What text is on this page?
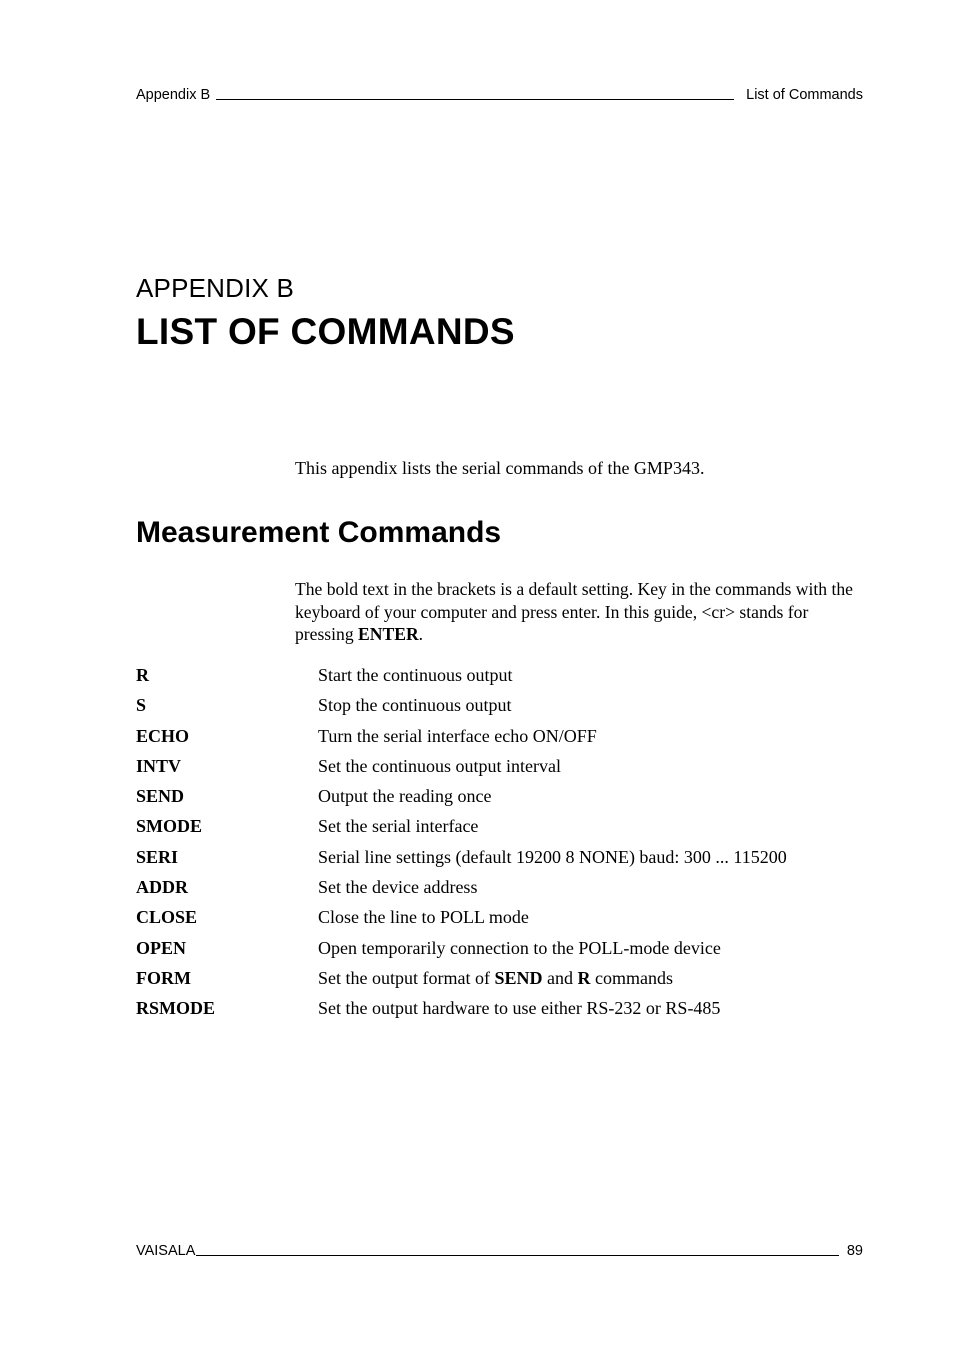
Appendix B	List of Commands
APPENDIX B
LIST OF COMMANDS
This appendix lists the serial commands of the GMP343.
Measurement Commands
The bold text in the brackets is a default setting. Key in the commands with the keyboard of your computer and press enter. In this guide, <cr> stands for pressing ENTER.
R	Start the continuous output
S	Stop the continuous output
ECHO	Turn the serial interface echo ON/OFF
INTV	Set the continuous output interval
SEND	Output the reading once
SMODE	Set the serial interface
SERI	Serial line settings (default 19200 8 NONE) baud: 300 ... 115200
ADDR	Set the device address
CLOSE	Close the line to POLL mode
OPEN	Open temporarily connection to the POLL-mode device
FORM	Set the output format of SEND and R commands
RSMODE	Set the output hardware to use either RS-232 or RS-485
VAISALA	89
